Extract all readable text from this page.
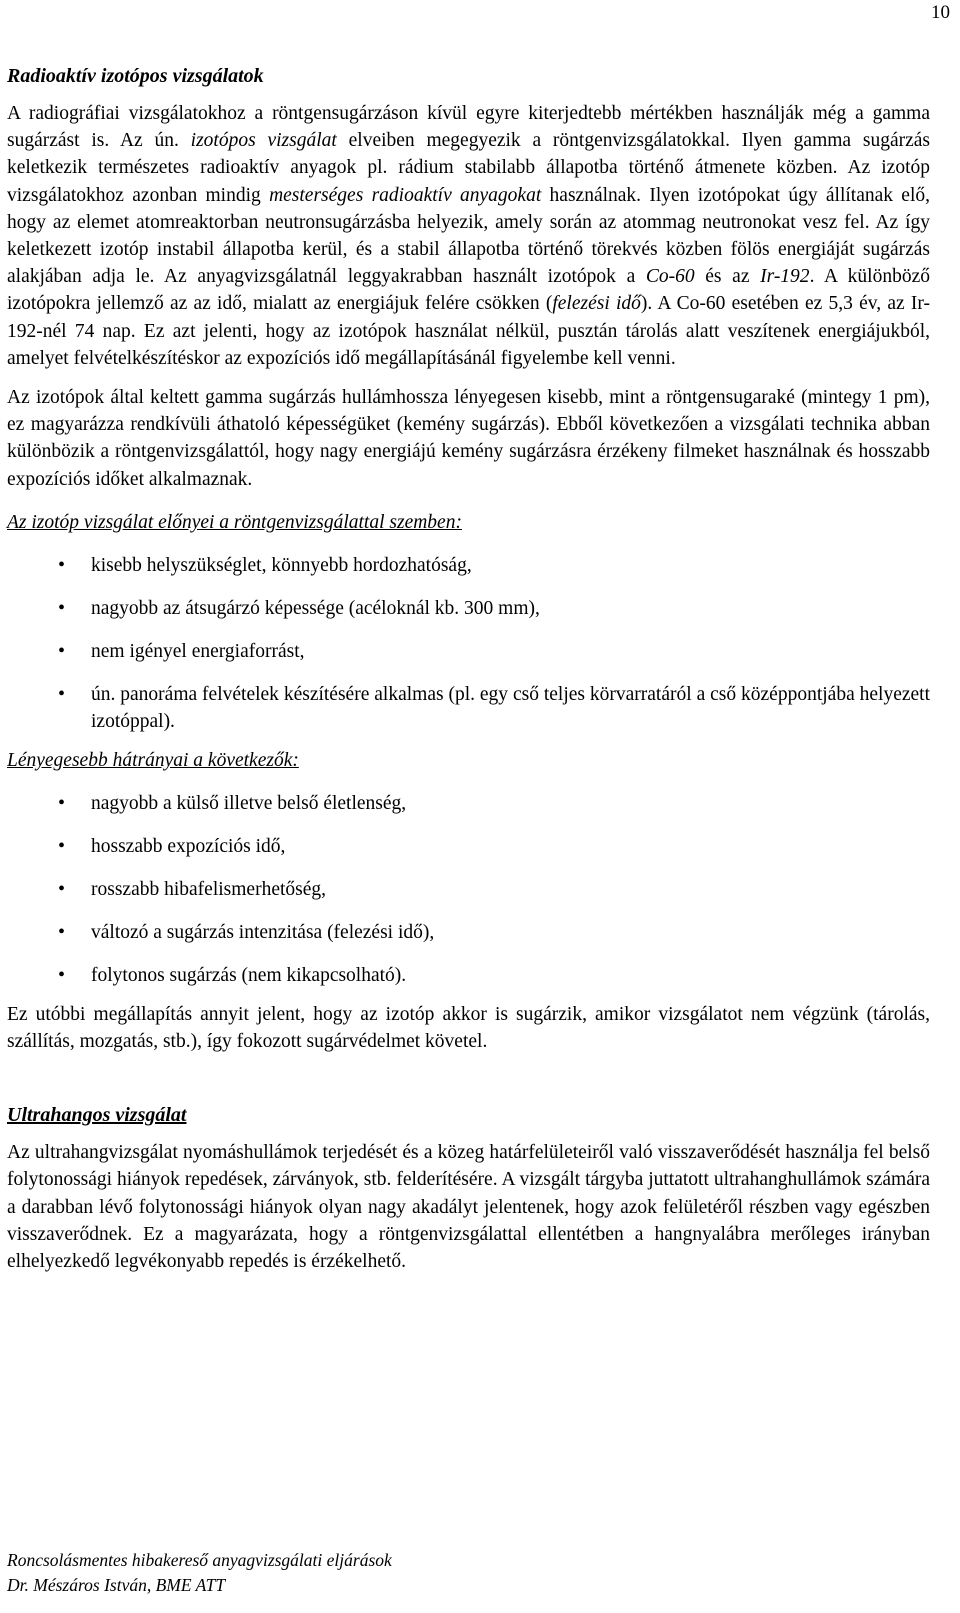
10
Radioaktív izotópos vizsgálatok

A radiográfiai vizsgálatokhoz a röntgensugárzáson kívül egyre kiterjedtebb mértékben használják még a gamma sugárzást is. Az ún. izotópos vizsgálat elveiben megegyezik a röntgenvizsgálatokkal. Ilyen gamma sugárzás keletkezik természetes radioaktív anyagok pl. rádium stabilabb állapotba történő átmenete közben. Az izotóp vizsgálatokhoz azonban mindig mesterséges radioaktív anyagokat használnak. Ilyen izotópokat úgy állítanak elő, hogy az elemet atomreaktorban neutronsugárzásba helyezik, amely során az atommag neutronokat vesz fel. Az így keletkezett izotóp instabil állapotba kerül, és a stabil állapotba történő törekvés közben fölös energiáját sugárzás alakjában adja le. Az anyagvizsgálatnál leggyakrabban használt izotópok a Co-60 és az Ir-192. A különböző izotópokra jellemző az az idő, mialatt az energiájuk felére csökken (felezési idő). A Co-60 esetében ez 5,3 év, az Ir-192-nél 74 nap. Ez azt jelenti, hogy az izotópok használat nélkül, pusztán tárolás alatt veszítenek energiájukból, amelyet felvételkészítéskor az expozíciós idő megállapításánál figyelembe kell venni.

Az izotópok által keltett gamma sugárzás hullámhossza lényegesen kisebb, mint a röntgensugaraké (mintegy 1 pm), ez magyarázza rendkívüli áthatoló képességüket (kemény sugárzás). Ebből következően a vizsgálati technika abban különbözik a röntgenvizsgálattól, hogy nagy energiájú kemény sugárzásra érzékeny filmeket használnak és hosszabb expozíciós időket alkalmaznak.

Az izotóp vizsgálat előnyei a röntgenvizsgálattal szemben:
• kisebb helyszükséglet, könnyebb hordozhatóság,
• nagyobb az átsugárzó képessége (acéloknál kb. 300 mm),
• nem igényel energiaforrást,
• ún. panoráma felvételek készítésére alkalmas (pl. egy cső teljes körvarratáról a cső középpontjába helyezett izotóppal).
Lényegesebb hátrányai a következők:
• nagyobb a külső illetve belső életlenség,
• hosszabb expozíciós idő,
• rosszabb hibafelismerhetőség,
• változó a sugárzás intenzitása (felezési idő),
• folytonos sugárzás (nem kikapcsolható).

Ez utóbbi megállapítás annyit jelent, hogy az izotóp akkor is sugárzik, amikor vizsgálatot nem végzünk (tárolás, szállítás, mozgatás, stb.), így fokozott sugárvédelmet követel.

Ultrahangos vizsgálat

Az ultrahangvizsgálat nyomáshullámok terjedését és a közeg határfelületeiről való visszaverődését használja fel belső folytonossági hiányok repedések, zárványok, stb. felderítésére. A vizsgált tárgyba juttatott ultrahanghullámok számára a darabban lévő folytonossági hiányok olyan nagy akadályt jelentenek, hogy azok felületéről részben vagy egészben visszaverődnek. Ez a magyarázata, hogy a röntgenvizsgálattal ellentétben a hangnyalábra merőleges irányban elhelyezkedő legvékonyabb repedés is érzékelhető.

Roncsolásmentes hibakereső anyagvizsgálati eljárások
Dr. Mészáros István, BME ATT
